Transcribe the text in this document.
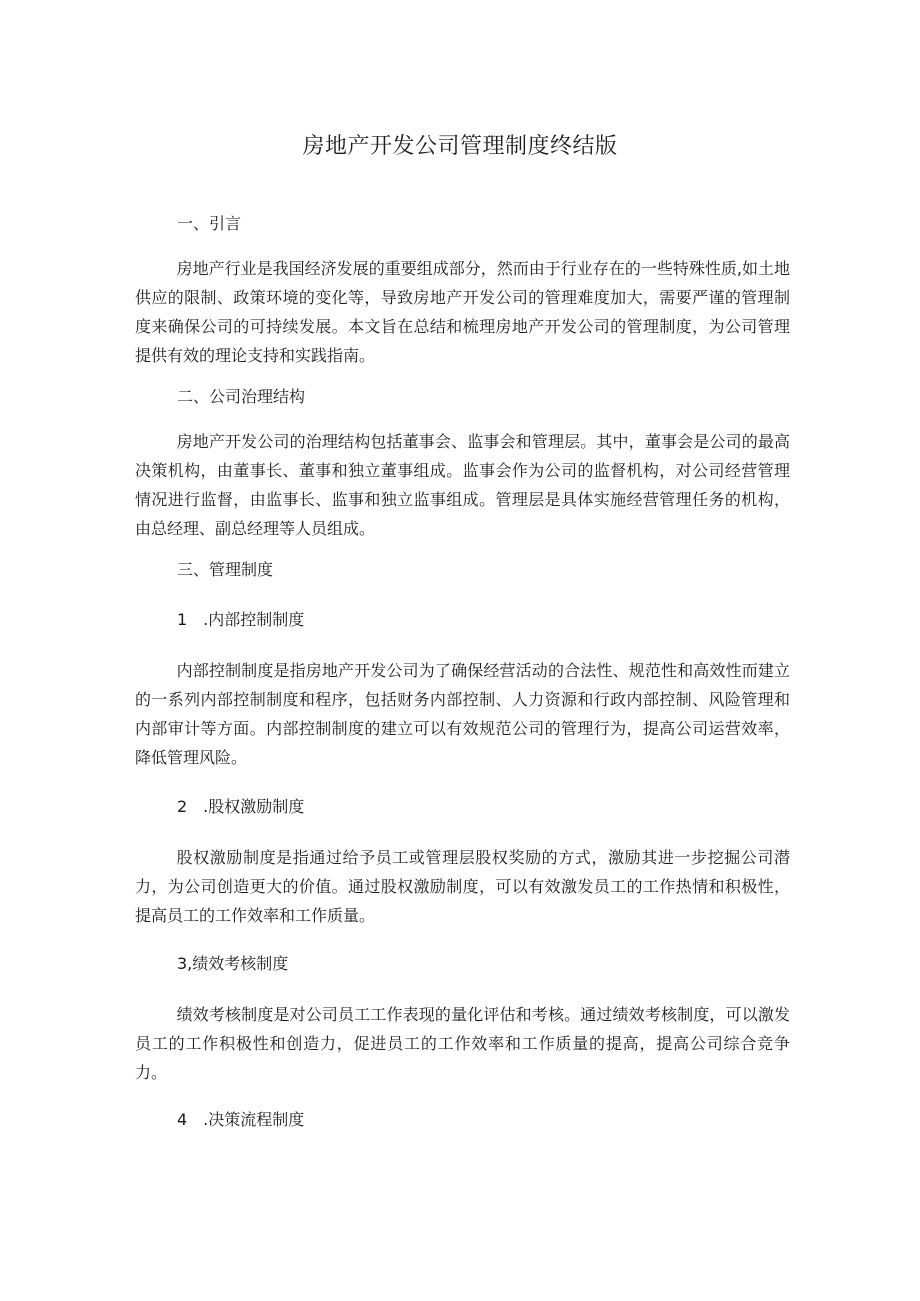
房地产开发公司管理制度终结版
一、引言
房地产行业是我国经济发展的重要组成部分，然而由于行业存在的一些特殊性质,如土地供应的限制、政策环境的变化等，导致房地产开发公司的管理难度加大，需要严谨的管理制度来确保公司的可持续发展。本文旨在总结和梳理房地产开发公司的管理制度，为公司管理提供有效的理论支持和实践指南。
二、公司治理结构
房地产开发公司的治理结构包括董事会、监事会和管理层。其中，董事会是公司的最高决策机构，由董事长、董事和独立董事组成。监事会作为公司的监督机构，对公司经营管理情况进行监督，由监事长、监事和独立监事组成。管理层是具体实施经营管理任务的机构，由总经理、副总经理等人员组成。
三、管理制度
1　.内部控制制度
内部控制制度是指房地产开发公司为了确保经营活动的合法性、规范性和高效性而建立的一系列内部控制制度和程序，包括财务内部控制、人力资源和行政内部控制、风险管理和内部审计等方面。内部控制制度的建立可以有效规范公司的管理行为，提高公司运营效率，降低管理风险。
2　.股权激励制度
股权激励制度是指通过给予员工或管理层股权奖励的方式，激励其进一步挖掘公司潜力，为公司创造更大的价值。通过股权激励制度，可以有效激发员工的工作热情和积极性，提高员工的工作效率和工作质量。
3,绩效考核制度
绩效考核制度是对公司员工工作表现的量化评估和考核。通过绩效考核制度，可以激发员工的工作积极性和创造力，促进员工的工作效率和工作质量的提高，提高公司综合竞争力。
4　.决策流程制度
